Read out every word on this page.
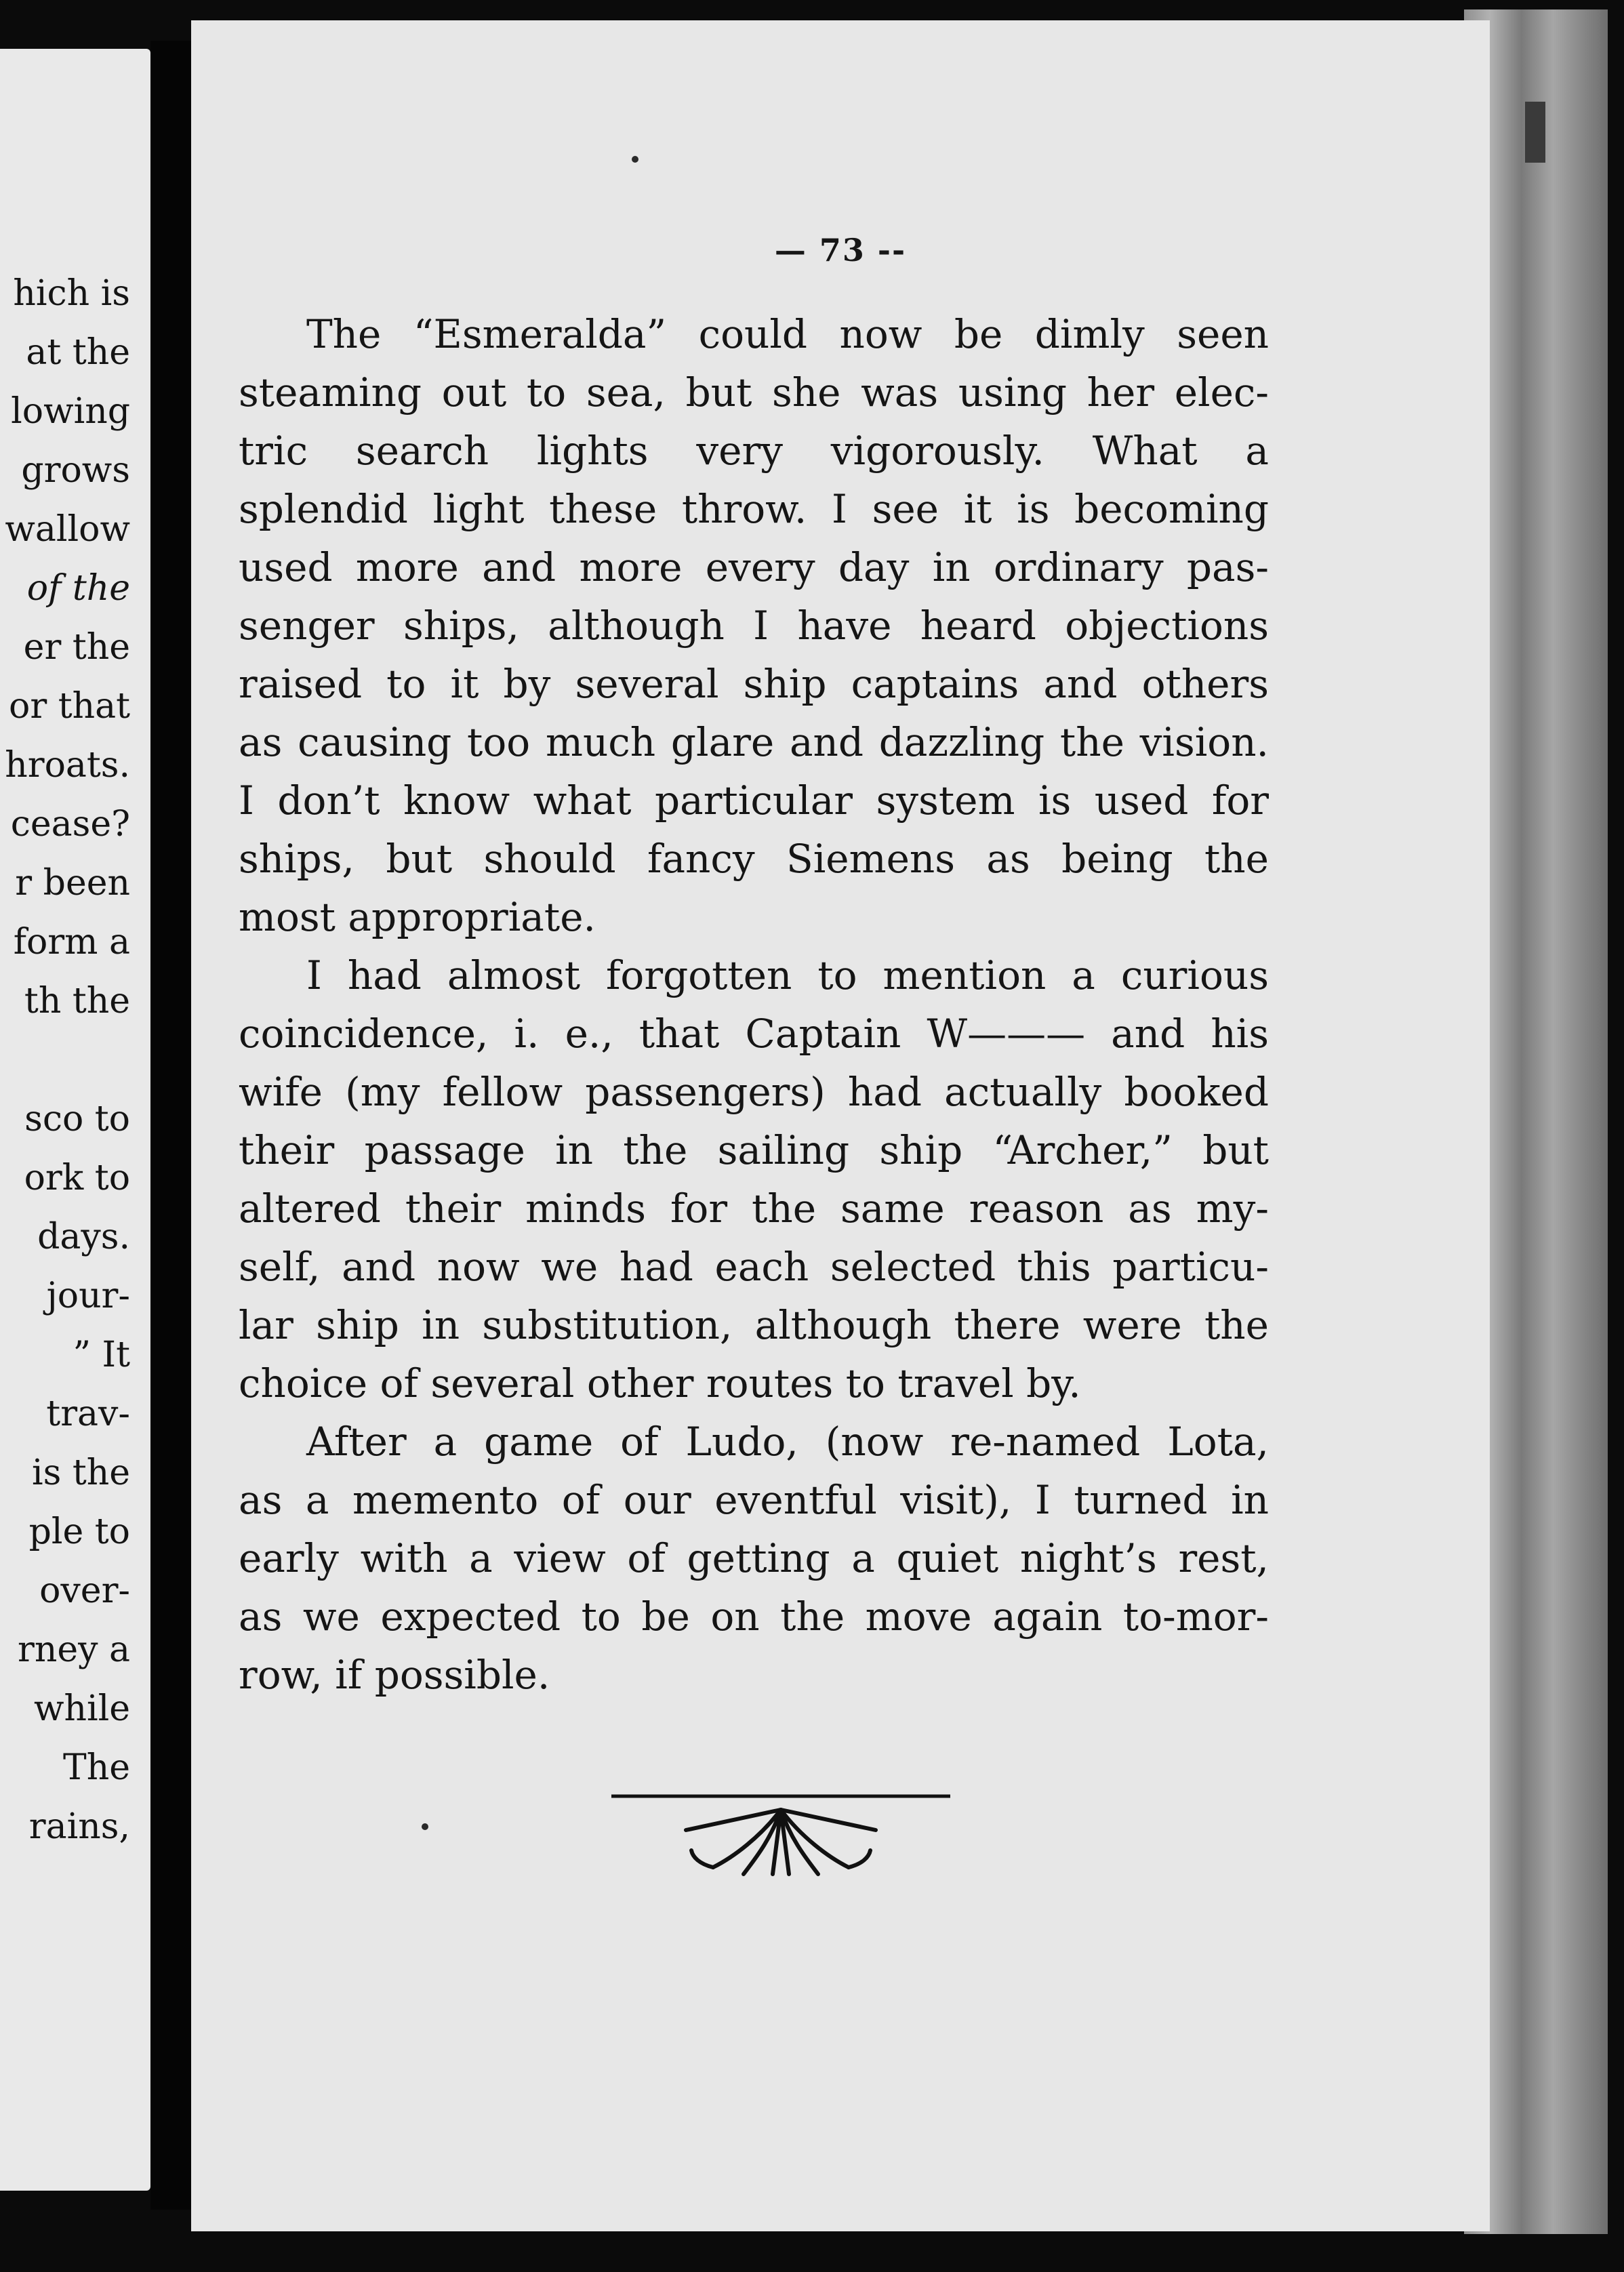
hich is
at the
lowing
grows
wallow
of the
er the
or that
hroats.
cease?
r been
form a
th the
sco to
ork to
days.
jour-
” It
trav-
is the
ple to
over-
rney a
while
The
rains,
— 73 --
The “Esmeralda” could now be dimly seen
steaming out to sea, but she was using her elec-
tric search lights very vigorously. What a
splendid light these throw. I see it is becoming
used more and more every day in ordinary pas-
senger ships, although I have heard objections
raised to it by several ship captains and others
as causing too much glare and dazzling the vision.
I don’t know what particular system is used for
ships, but should fancy Siemens as being the
most appropriate.
I had almost forgotten to mention a curious
coincidence, i. e., that Captain W——— and his
wife (my fellow passengers) had actually booked
their passage in the sailing ship “Archer,” but
altered their minds for the same reason as my-
self, and now we had each selected this particu-
lar ship in substitution, although there were the
choice of several other routes to travel by.
After a game of Ludo, (now re-named Lota,
as a memento of our eventful visit), I turned in
early with a view of getting a quiet night’s rest,
as we expected to be on the move again to-mor-
row, if possible.
